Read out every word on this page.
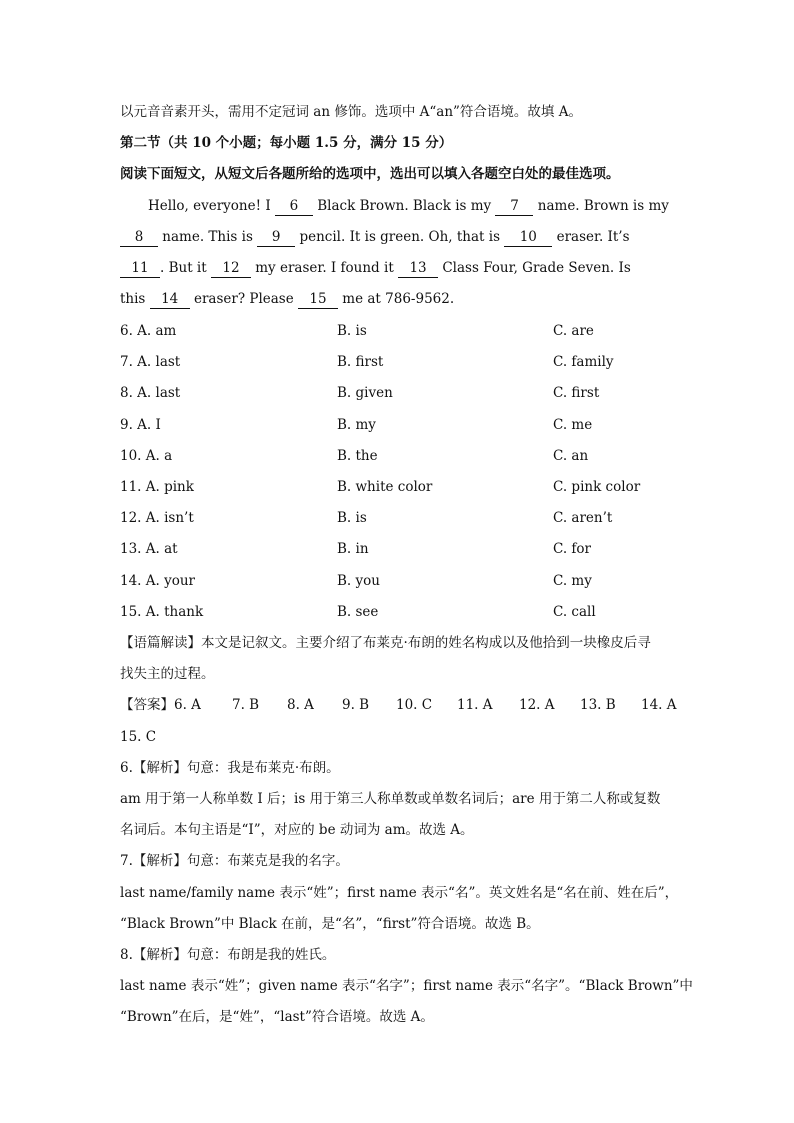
以元音音素开头，需用不定冠词 an 修饰。选项中 A“an”符合语境。故填 A。
第二节（共 10 个小题；每小题 1.5 分，满分 15 分）
阅读下面短文，从短文后各题所给的选项中，选出可以填入各题空白处的最佳选项。
Hello, everyone! I 6 Black Brown. Black is my 7 name. Brown is my
8 name. This is 9 pencil. It is green. Oh, that is 10 eraser. It’s
11 . But it 12 my eraser. I found it 13 Class Four, Grade Seven. Is
this 14 eraser? Please 15 me at 786-9562.
6. A. am	B. is	C. are
7. A. last	B. first	C. family
8. A. last	B. given	C. first
9. A. I	B. my	C. me
10. A. a	B. the	C. an
11. A. pink	B. white color	C. pink color
12. A. isn’t	B. is	C. aren’t
13. A. at	B. in	C. for
14. A. your	B. you	C. my
15. A. thank	B. see	C. call
【语篇解读】本文是记叙文。主要介绍了布莱克·布朗的姓名构成以及他拾到一块橡皮后寻
找失主的过程。
【答案】6. A 7. B 8. A 9. B 10. C 11. A 12. A 13. B 14. A
15. C
6.【解析】句意：我是布莱克·布朗。
am 用于第一人称单数 I 后；is 用于第三人称单数或单数名词后；are 用于第二人称或复数
名词后。本句主语是“I”，对应的 be 动词为 am。故选 A。
7.【解析】句意：布莱克是我的名字。
last name/family name 表示“姓”；first name 表示“名”。英文姓名是“名在前、姓在后”，
“Black Brown”中 Black 在前，是“名”，“first”符合语境。故选 B。
8.【解析】句意：布朗是我的姓氏。
last name 表示“姓”；given name 表示“名字”；first name 表示“名字”。“Black Brown”中
“Brown”在后，是“姓”，“last”符合语境。故选 A。
